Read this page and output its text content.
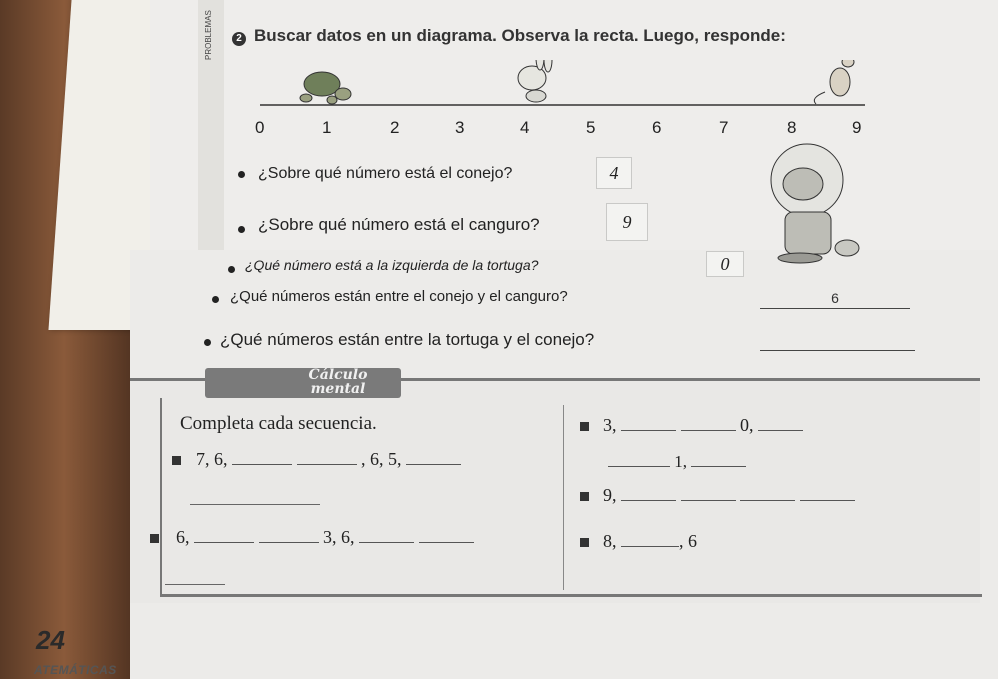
PROBLEMAS	2 Buscar datos en un diagrama. Observa la recta. Luego, responde:
0	1	2	3	4	5	6	7	8	9
¿Sobre qué número está el conejo?	4
¿Sobre qué número está el canguro?	9
¿Qué número está a la izquierda de la tortuga?	0
¿Qué números están entre el conejo y el canguro?	6
¿Qué números están entre la tortuga y el conejo?
Cálculo
mental
Completa cada secuencia.
7, 6,	, 6, 5,
6,	3, 6,
3,	0,
1,
9,
8,	, 6
24
ATEMÁTICAS
